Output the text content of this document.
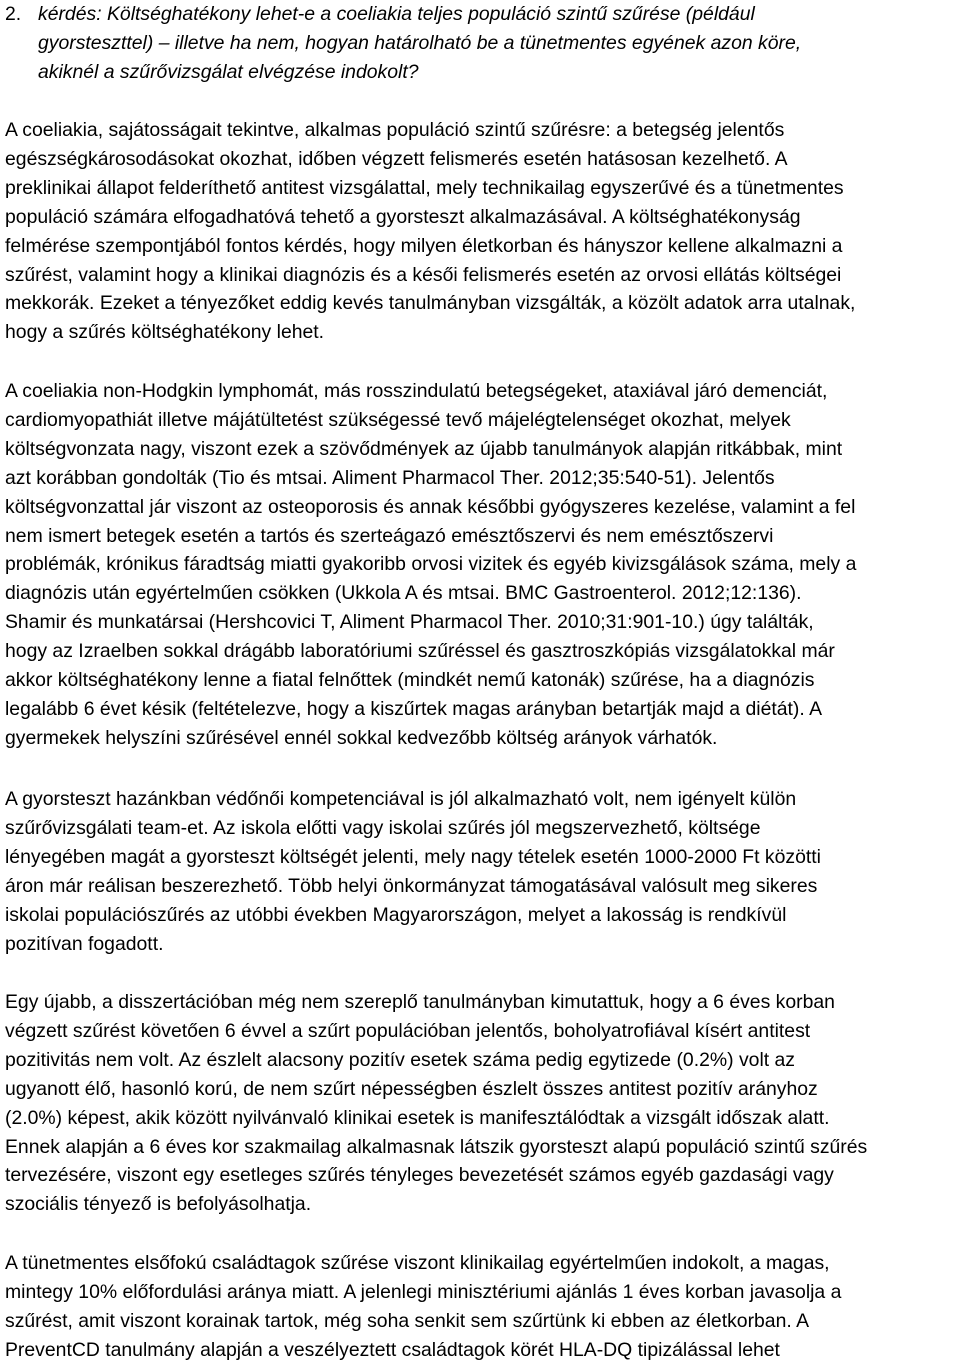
2. kérdés: Költséghatékony lehet-e a coeliakia teljes populáció szintű szűrése (például
gyorsteszttel) – illetve ha nem, hogyan határolható be a tünetmentes egyének azon köre,
akiknél a szűrővizsgálat elvégzése indokolt?

A coeliakia, sajátosságait tekintve, alkalmas populáció szintű szűrésre: a betegség jelentős
egészségkárosodásokat okozhat, időben végzett felismerés esetén hatásosan kezelhető. A
preklinikai állapot felderíthető antitest vizsgálattal, mely technikailag egyszerűvé és a tünetmentes
populáció számára elfogadhatóvá tehető a gyorsteszt alkalmazásával. A költséghatékonyság
felmérése szempontjából fontos kérdés, hogy milyen életkorban és hányszor kellene alkalmazni a
szűrést, valamint hogy a klinikai diagnózis és a késői felismerés esetén az orvosi ellátás költségei
mekkorák. Ezeket a tényezőket eddig kevés tanulmányban vizsgálták, a közölt adatok arra utalnak,
hogy a szűrés költséghatékony lehet.

A coeliakia non-Hodgkin lymphomát, más rosszindulatú betegségeket, ataxiával járó demenciát,
cardiomyopathiát illetve májátültetést szükségessé tevő májelégtelenséget okozhat, melyek
költségvonzata nagy, viszont ezek a szövődmények az újabb tanulmányok alapján ritkábbak, mint
azt korábban gondolták (Tio és mtsai. Aliment Pharmacol Ther. 2012;35:540-51). Jelentős
költségvonzattal jár viszont az osteoporosis és annak későbbi gyógyszeres kezelése, valamint a fel
nem ismert betegek esetén a tartós és szerteágazó emésztőszervi és nem emésztőszervi
problémák, krónikus fáradtság miatti gyakoribb orvosi vizitek és egyéb kivizsgálások száma, mely a
diagnózis után egyértelműen csökken (Ukkola A és mtsai. BMC Gastroenterol. 2012;12:136).
Shamir és munkatársai (Hershcovici T, Aliment Pharmacol Ther. 2010;31:901-10.) úgy találták,
hogy az Izraelben sokkal drágább laboratóriumi szűréssel és gasztroszkópiás vizsgálatokkal már
akkor költséghatékony lenne a fiatal felnőttek (mindkét nemű katonák) szűrése, ha a diagnózis
legalább 6 évet késik (feltételezve, hogy a kiszűrtek magas arányban betartják majd a diétát). A
gyermekek helyszíni szűrésével ennél sokkal kedvezőbb költség arányok várhatók.

A gyorsteszt hazánkban védőnői kompetenciával is jól alkalmazható volt, nem igényelt külön
szűrővizsgálati team-et. Az iskola előtti vagy iskolai szűrés jól megszervezhető, költsége
lényegében magát a gyorsteszt költségét jelenti, mely nagy tételek esetén 1000-2000 Ft közötti
áron már reálisan beszerezhető. Több helyi önkormányzat támogatásával valósult meg sikeres
iskolai populációszűrés az utóbbi években Magyarországon, melyet a lakosság is rendkívül
pozitívan fogadott.

Egy újabb, a disszertációban még nem szereplő tanulmányban kimutattuk, hogy a 6 éves korban
végzett szűrést követően 6 évvel a szűrt populációban jelentős, boholyatrofiával kísért antitest
pozitivitás nem volt. Az észlelt alacsony pozitív esetek száma pedig egytizede (0.2%) volt az
ugyanott élő, hasonló korú, de nem szűrt népességben észlelt összes antitest pozitív arányhoz
(2.0%) képest, akik között nyilvánvaló klinikai esetek is manifesztálódtak a vizsgált időszak alatt.
Ennek alapján a 6 éves kor szakmailag alkalmasnak látszik gyorsteszt alapú populáció szintű szűrés
tervezésére, viszont egy esetleges szűrés tényleges bevezetését számos egyéb gazdasági vagy
szociális tényező is befolyásolhatja.

A tünetmentes elsőfokú családtagok szűrése viszont klinikailag egyértelműen indokolt, a magas,
mintegy 10% előfordulási aránya miatt. A jelenlegi minisztériumi ajánlás 1 éves korban javasolja a
szűrést, amit viszont korainak tartok, még soha senkit sem szűrtünk ki ebben az életkorban. A
PreventCD tanulmány alapján a veszélyeztett családtagok körét HLA-DQ tipizálással lehet
